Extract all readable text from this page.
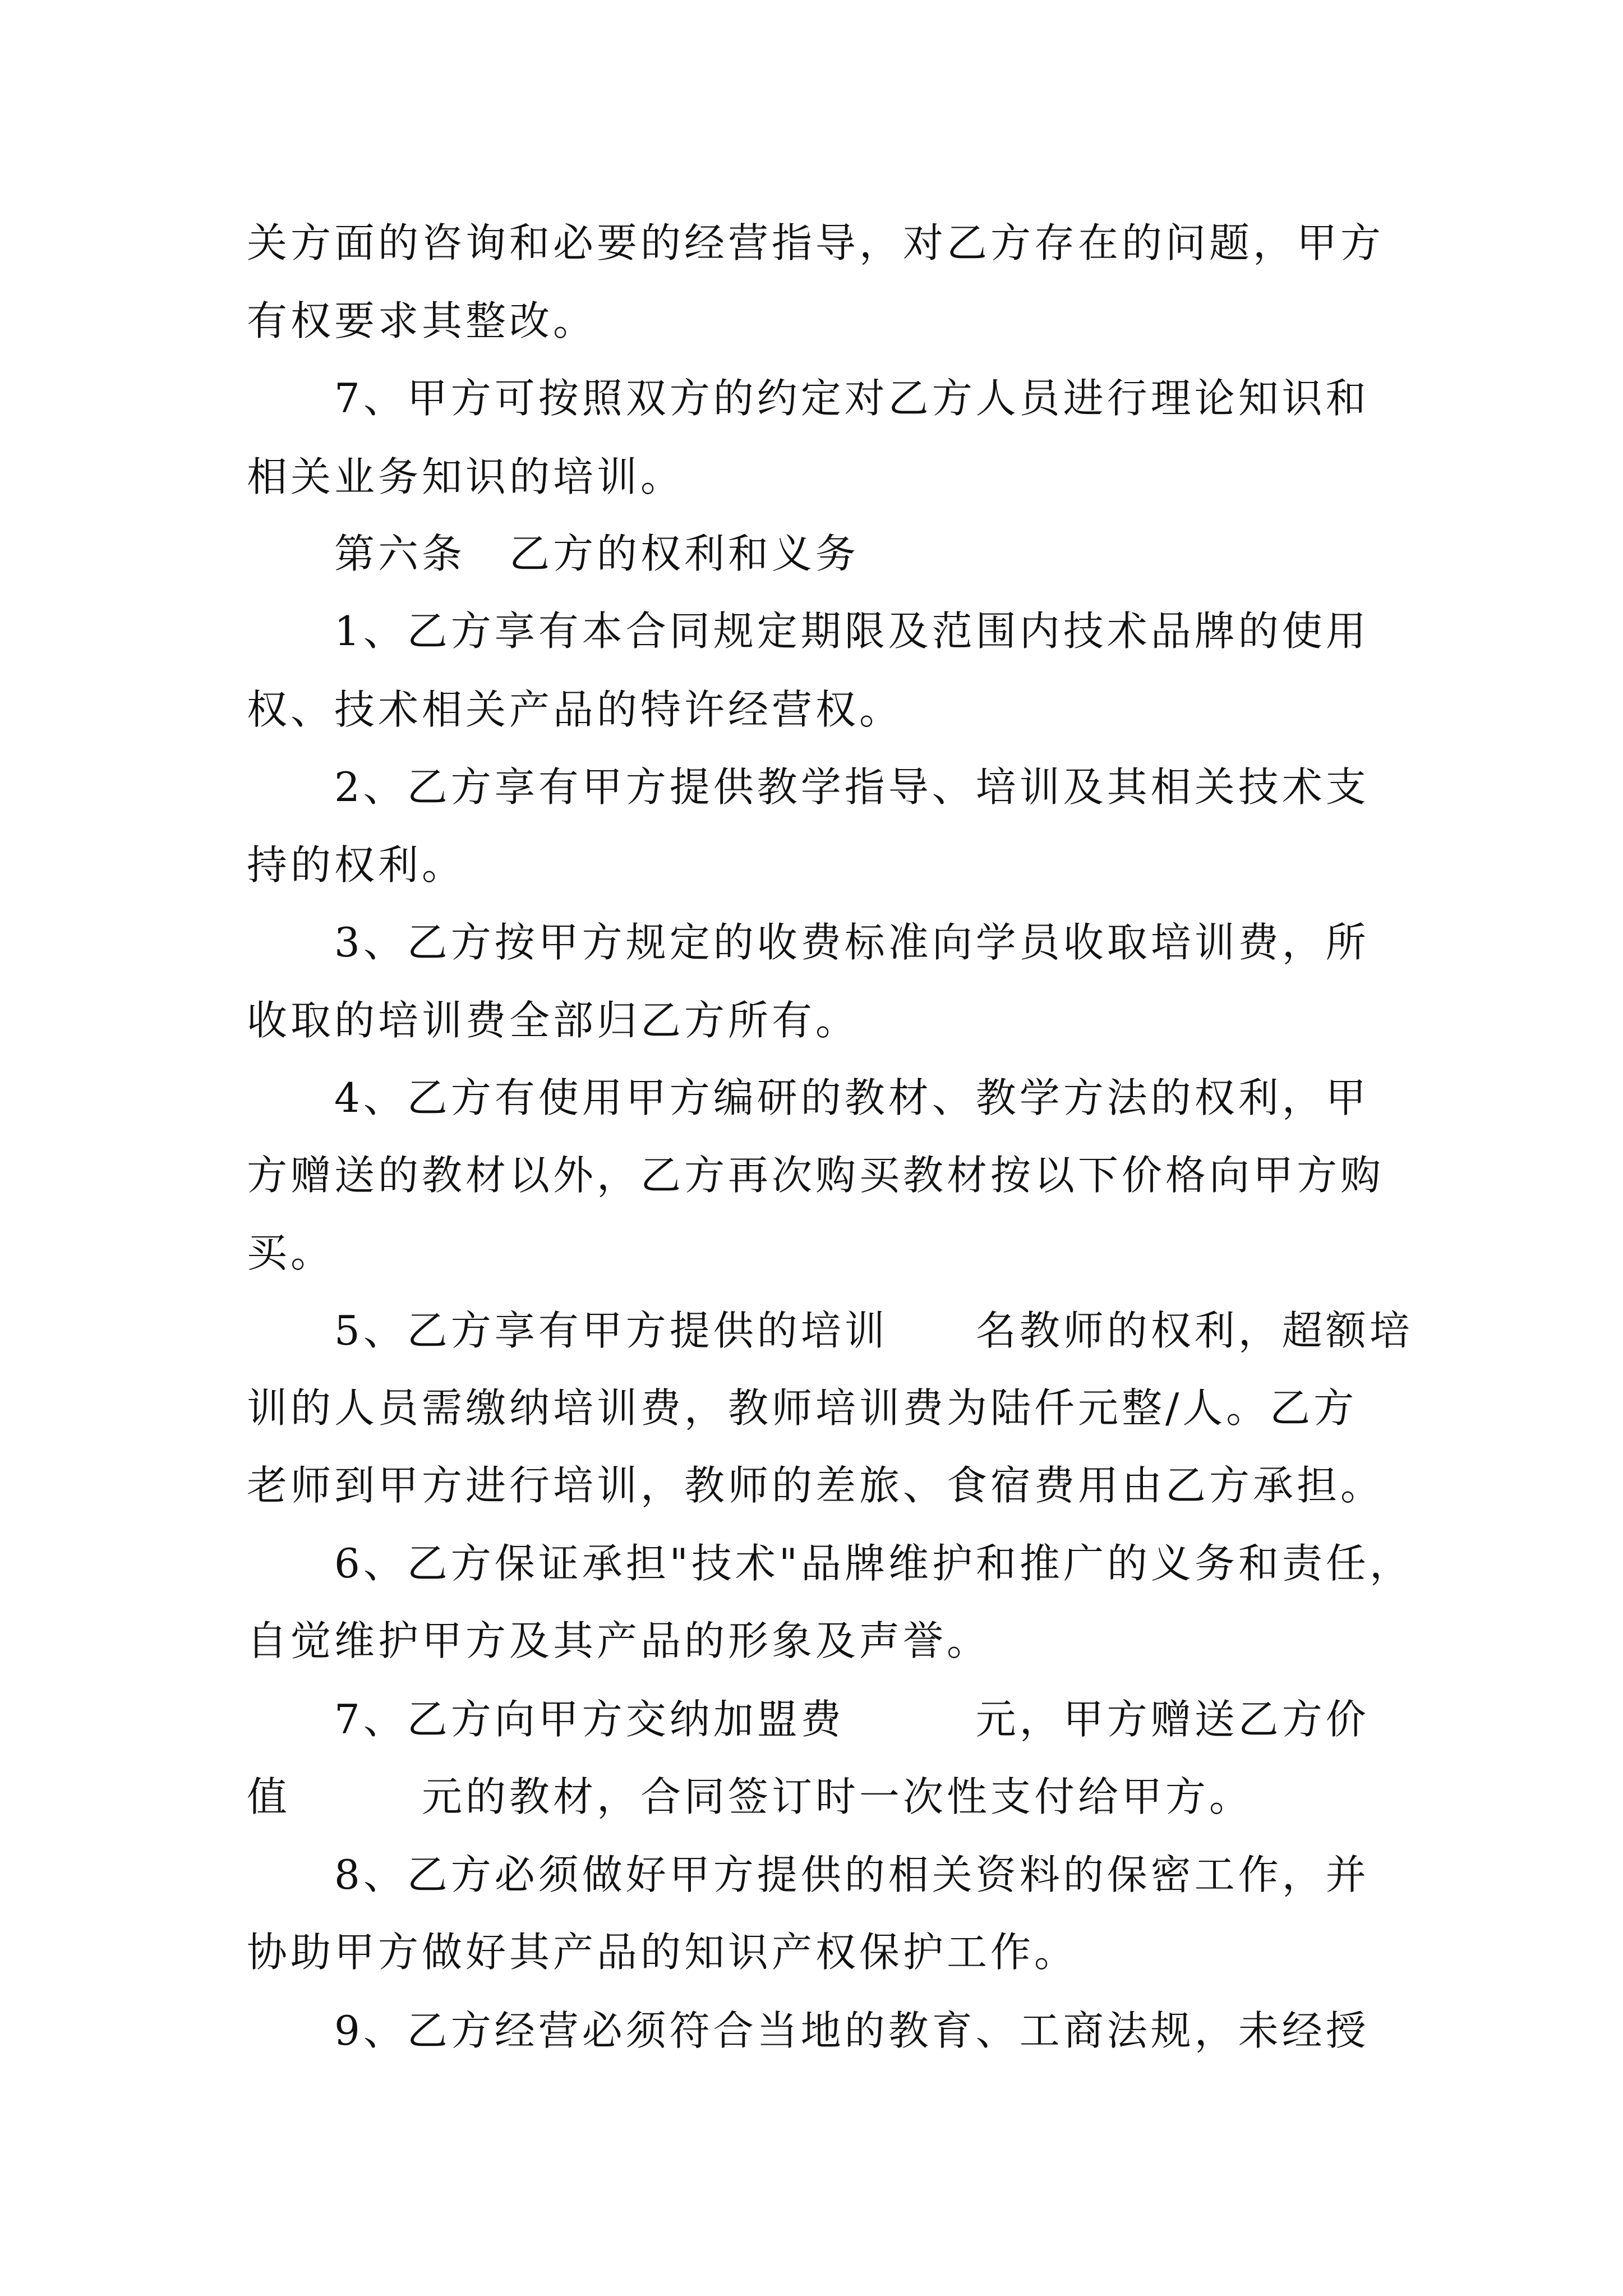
关方面的咨询和必要的经营指导，对乙方存在的问题，甲方
有权要求其整改。
7、甲方可按照双方的约定对乙方人员进行理论知识和
相关业务知识的培训。
第六条　乙方的权利和义务
1、乙方享有本合同规定期限及范围内技术品牌的使用
权、技术相关产品的特许经营权。
2、乙方享有甲方提供教学指导、培训及其相关技术支
持的权利。
3、乙方按甲方规定的收费标准向学员收取培训费，所
收取的培训费全部归乙方所有。
4、乙方有使用甲方编研的教材、教学方法的权利，甲
方赠送的教材以外，乙方再次购买教材按以下价格向甲方购
买。
5、乙方享有甲方提供的培训　　名教师的权利，超额培
训的人员需缴纳培训费，教师培训费为陆仟元整/人。乙方
老师到甲方进行培训，教师的差旅、食宿费用由乙方承担。
6、乙方保证承担"技术"品牌维护和推广的义务和责任，
自觉维护甲方及其产品的形象及声誉。
7、乙方向甲方交纳加盟费　　　元，甲方赠送乙方价
值　　　元的教材，合同签订时一次性支付给甲方。
8、乙方必须做好甲方提供的相关资料的保密工作，并
协助甲方做好其产品的知识产权保护工作。
9、乙方经营必须符合当地的教育、工商法规，未经授
